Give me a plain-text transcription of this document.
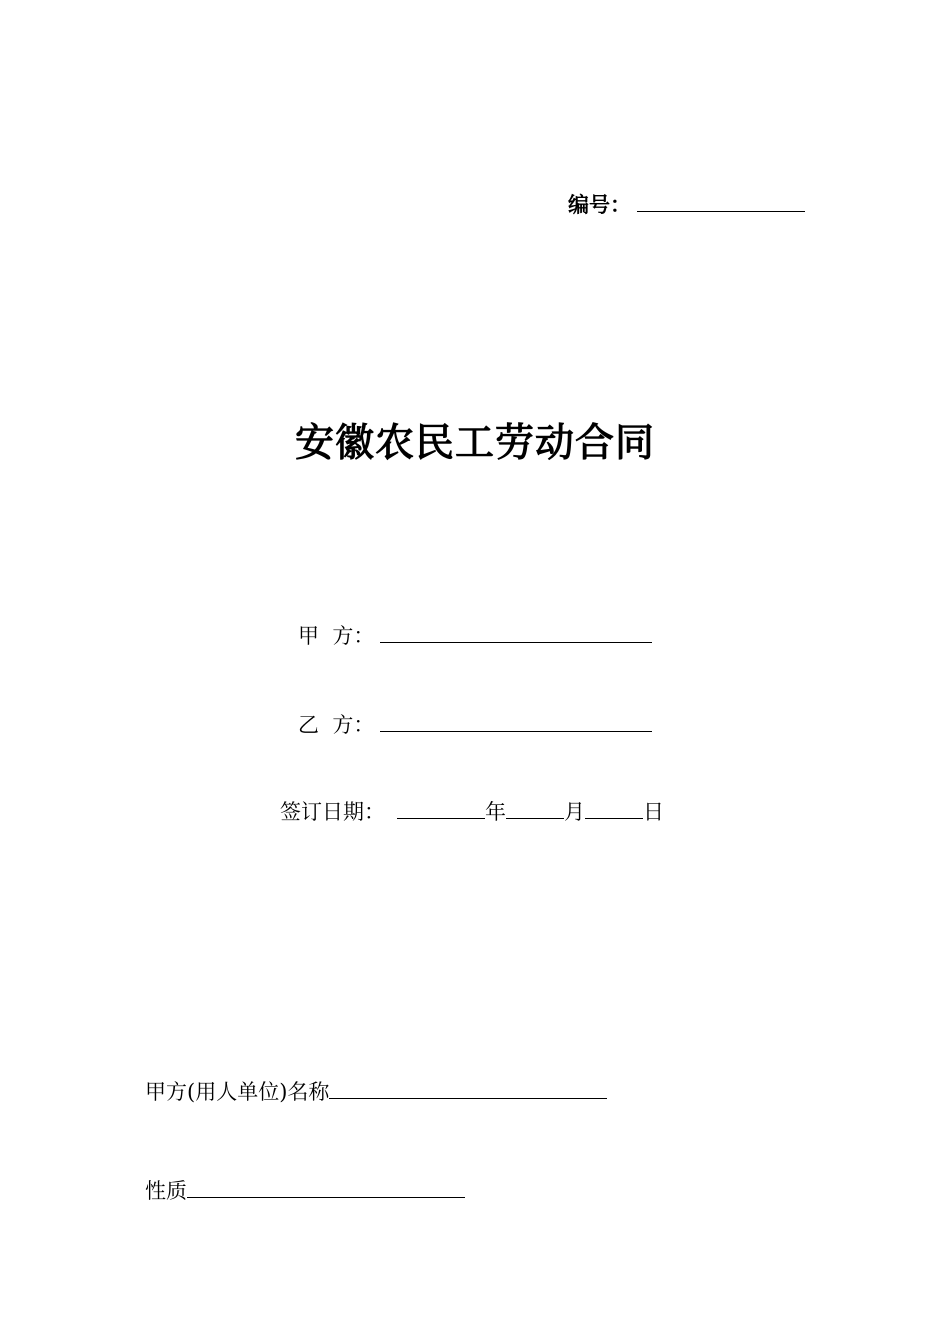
编号：
安徽农民工劳动合同
甲  方：
乙  方：
签订日期：	年	月	日
甲方(用人单位)名称
性质
